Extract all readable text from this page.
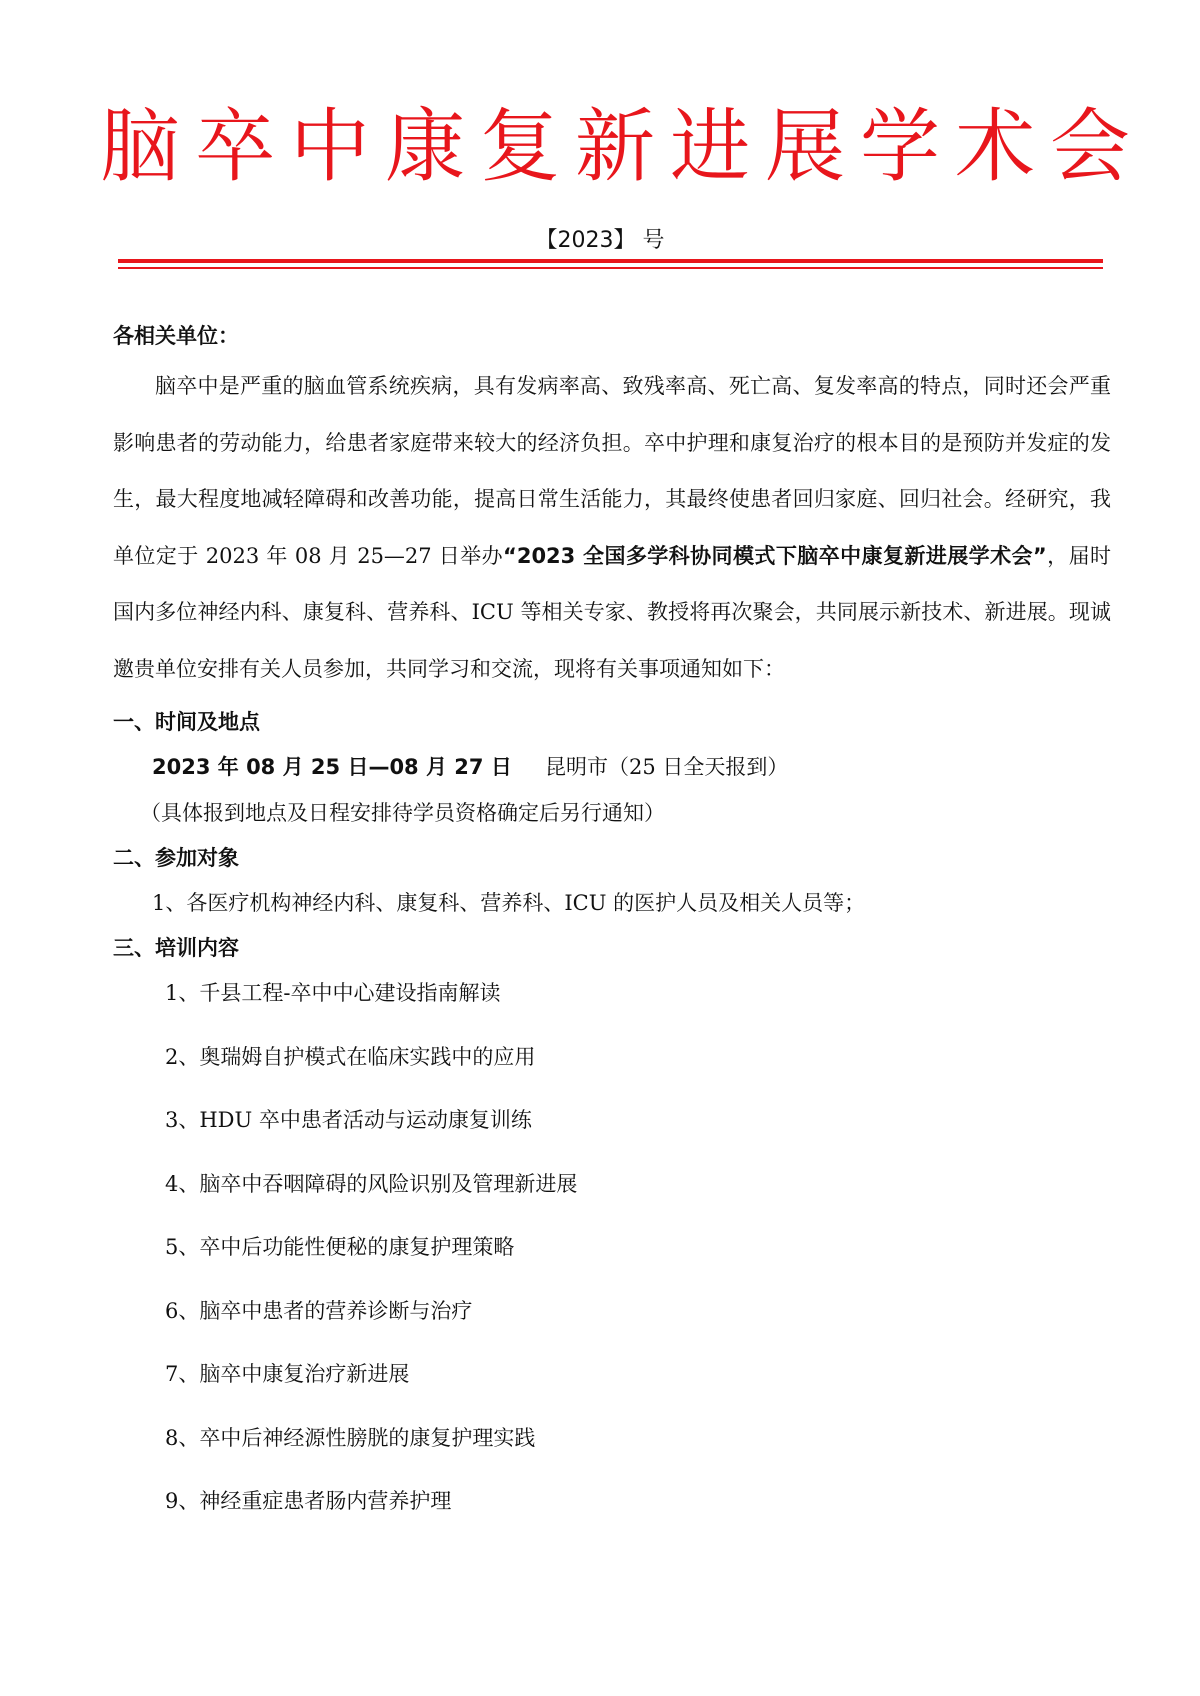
脑 卒 中 康 复 新 进 展 学 术 会
【2023】 号
各相关单位：

脑卒中是严重的脑血管系统疾病，具有发病率高、致残率高、死亡高、复发率高的特点，同时还会严重影响患者的劳动能力，给患者家庭带来较大的经济负担。卒中护理和康复治疗的根本目的是预防并发症的发生，最大程度地减轻障碍和改善功能，提高日常生活能力，其最终使患者回归家庭、回归社会。经研究，我单位定于 2023 年 08 月 25—27 日举办“2023 全国多学科协同模式下脑卒中康复新进展学术会”，届时国内多位神经内科、康复科、营养科、ICU 等相关专家、教授将再次聚会，共同展示新技术、新进展。现诚邀贵单位安排有关人员参加，共同学习和交流，现将有关事项通知如下：

一、时间及地点
2023 年 08 月 25 日—08 月 27 日 昆明市（25 日全天报到）
（具体报到地点及日程安排待学员资格确定后另行通知）
二、参加对象
1、各医疗机构神经内科、康复科、营养科、ICU 的医护人员及相关人员等；
三、培训内容
1、千县工程-卒中中心建设指南解读
2、奥瑞姆自护模式在临床实践中的应用
3、HDU 卒中患者活动与运动康复训练
4、脑卒中吞咽障碍的风险识别及管理新进展
5、卒中后功能性便秘的康复护理策略
6、脑卒中患者的营养诊断与治疗
7、脑卒中康复治疗新进展
8、卒中后神经源性膀胱的康复护理实践
9、神经重症患者肠内营养护理
